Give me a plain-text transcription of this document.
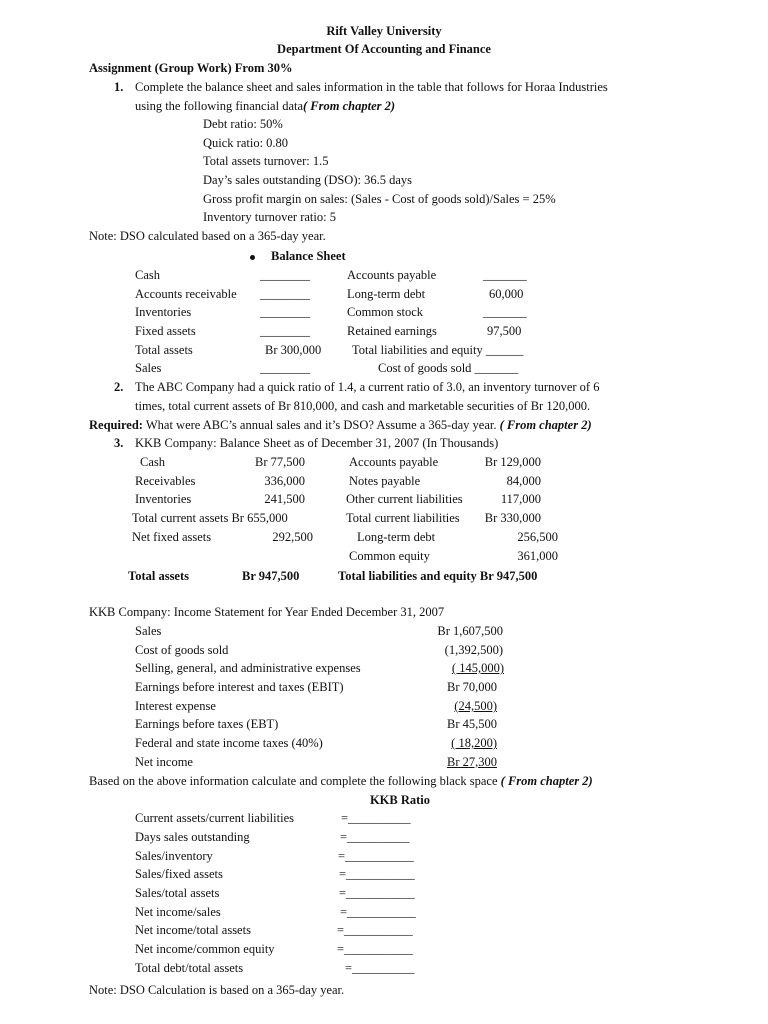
Rift Valley University
Department Of Accounting and Finance
Assignment (Group Work) From 30%
1. Complete the balance sheet and sales information in the table that follows for Horaa Industries
using the following financial data( From chapter 2)
Debt ratio: 50%
Quick ratio: 0.80
Total assets turnover: 1.5
Day’s sales outstanding (DSO): 36.5 days
Gross profit margin on sales: (Sales - Cost of goods sold)/Sales = 25%
Inventory turnover ratio: 5
Note: DSO calculated based on a 365-day year.
Balance Sheet
Cash
Accounts receivable
Inventories
Fixed assets
Total assets
Sales
________
________
________
________
Br 300,000
________
Accounts payable
Long-term debt
Common stock
Retained earnings
Total liabilities and equity ______
Cost of goods sold _______
_______
60,000
_______
97,500
2. The ABC Company had a quick ratio of 1.4, a current ratio of 3.0, an inventory turnover of 6
times, total current assets of Br 810,000, and cash and marketable securities of Br 120,000.
Required: What were ABC’s annual sales and it’s DSO? Assume a 365-day year. ( From chapter 2)
3. KKB Company: Balance Sheet as of December 31, 2007 (In Thousands)
Cash
Receivables
Inventories
Total current assets Br 655,000
Net fixed assets
Br 77,500
336,000
241,500
292,500
Accounts payable
Notes payable
Other current liabilities
Total current liabilities
Long-term debt
Common equity
Br 129,000
84,000
117,000
Br 330,000
256,500
361,000
Total assets	Br 947,500	Total liabilities and equity Br 947,500
KKB Company: Income Statement for Year Ended December 31, 2007
Sales
Cost of goods sold
Selling, general, and administrative expenses
Earnings before interest and taxes (EBIT)
Interest expense
Earnings before taxes (EBT)
Federal and state income taxes (40%)
Net income
Br 1,607,500
(1,392,500)
( 145,000)
Br 70,000
(24,500)
Br 45,500
( 18,200)
Br 27,300
Based on the above information calculate and complete the following black space ( From chapter 2)
KKB Ratio
Current assets/current liabilities
Days sales outstanding
Sales/inventory
Sales/fixed assets
Sales/total assets
Net income/sales
Net income/total assets
Net income/common equity
Total debt/total assets
=__________
=__________
=___________
=___________
=___________
=___________
=___________
=___________
=__________
Note: DSO Calculation is based on a 365-day year.
